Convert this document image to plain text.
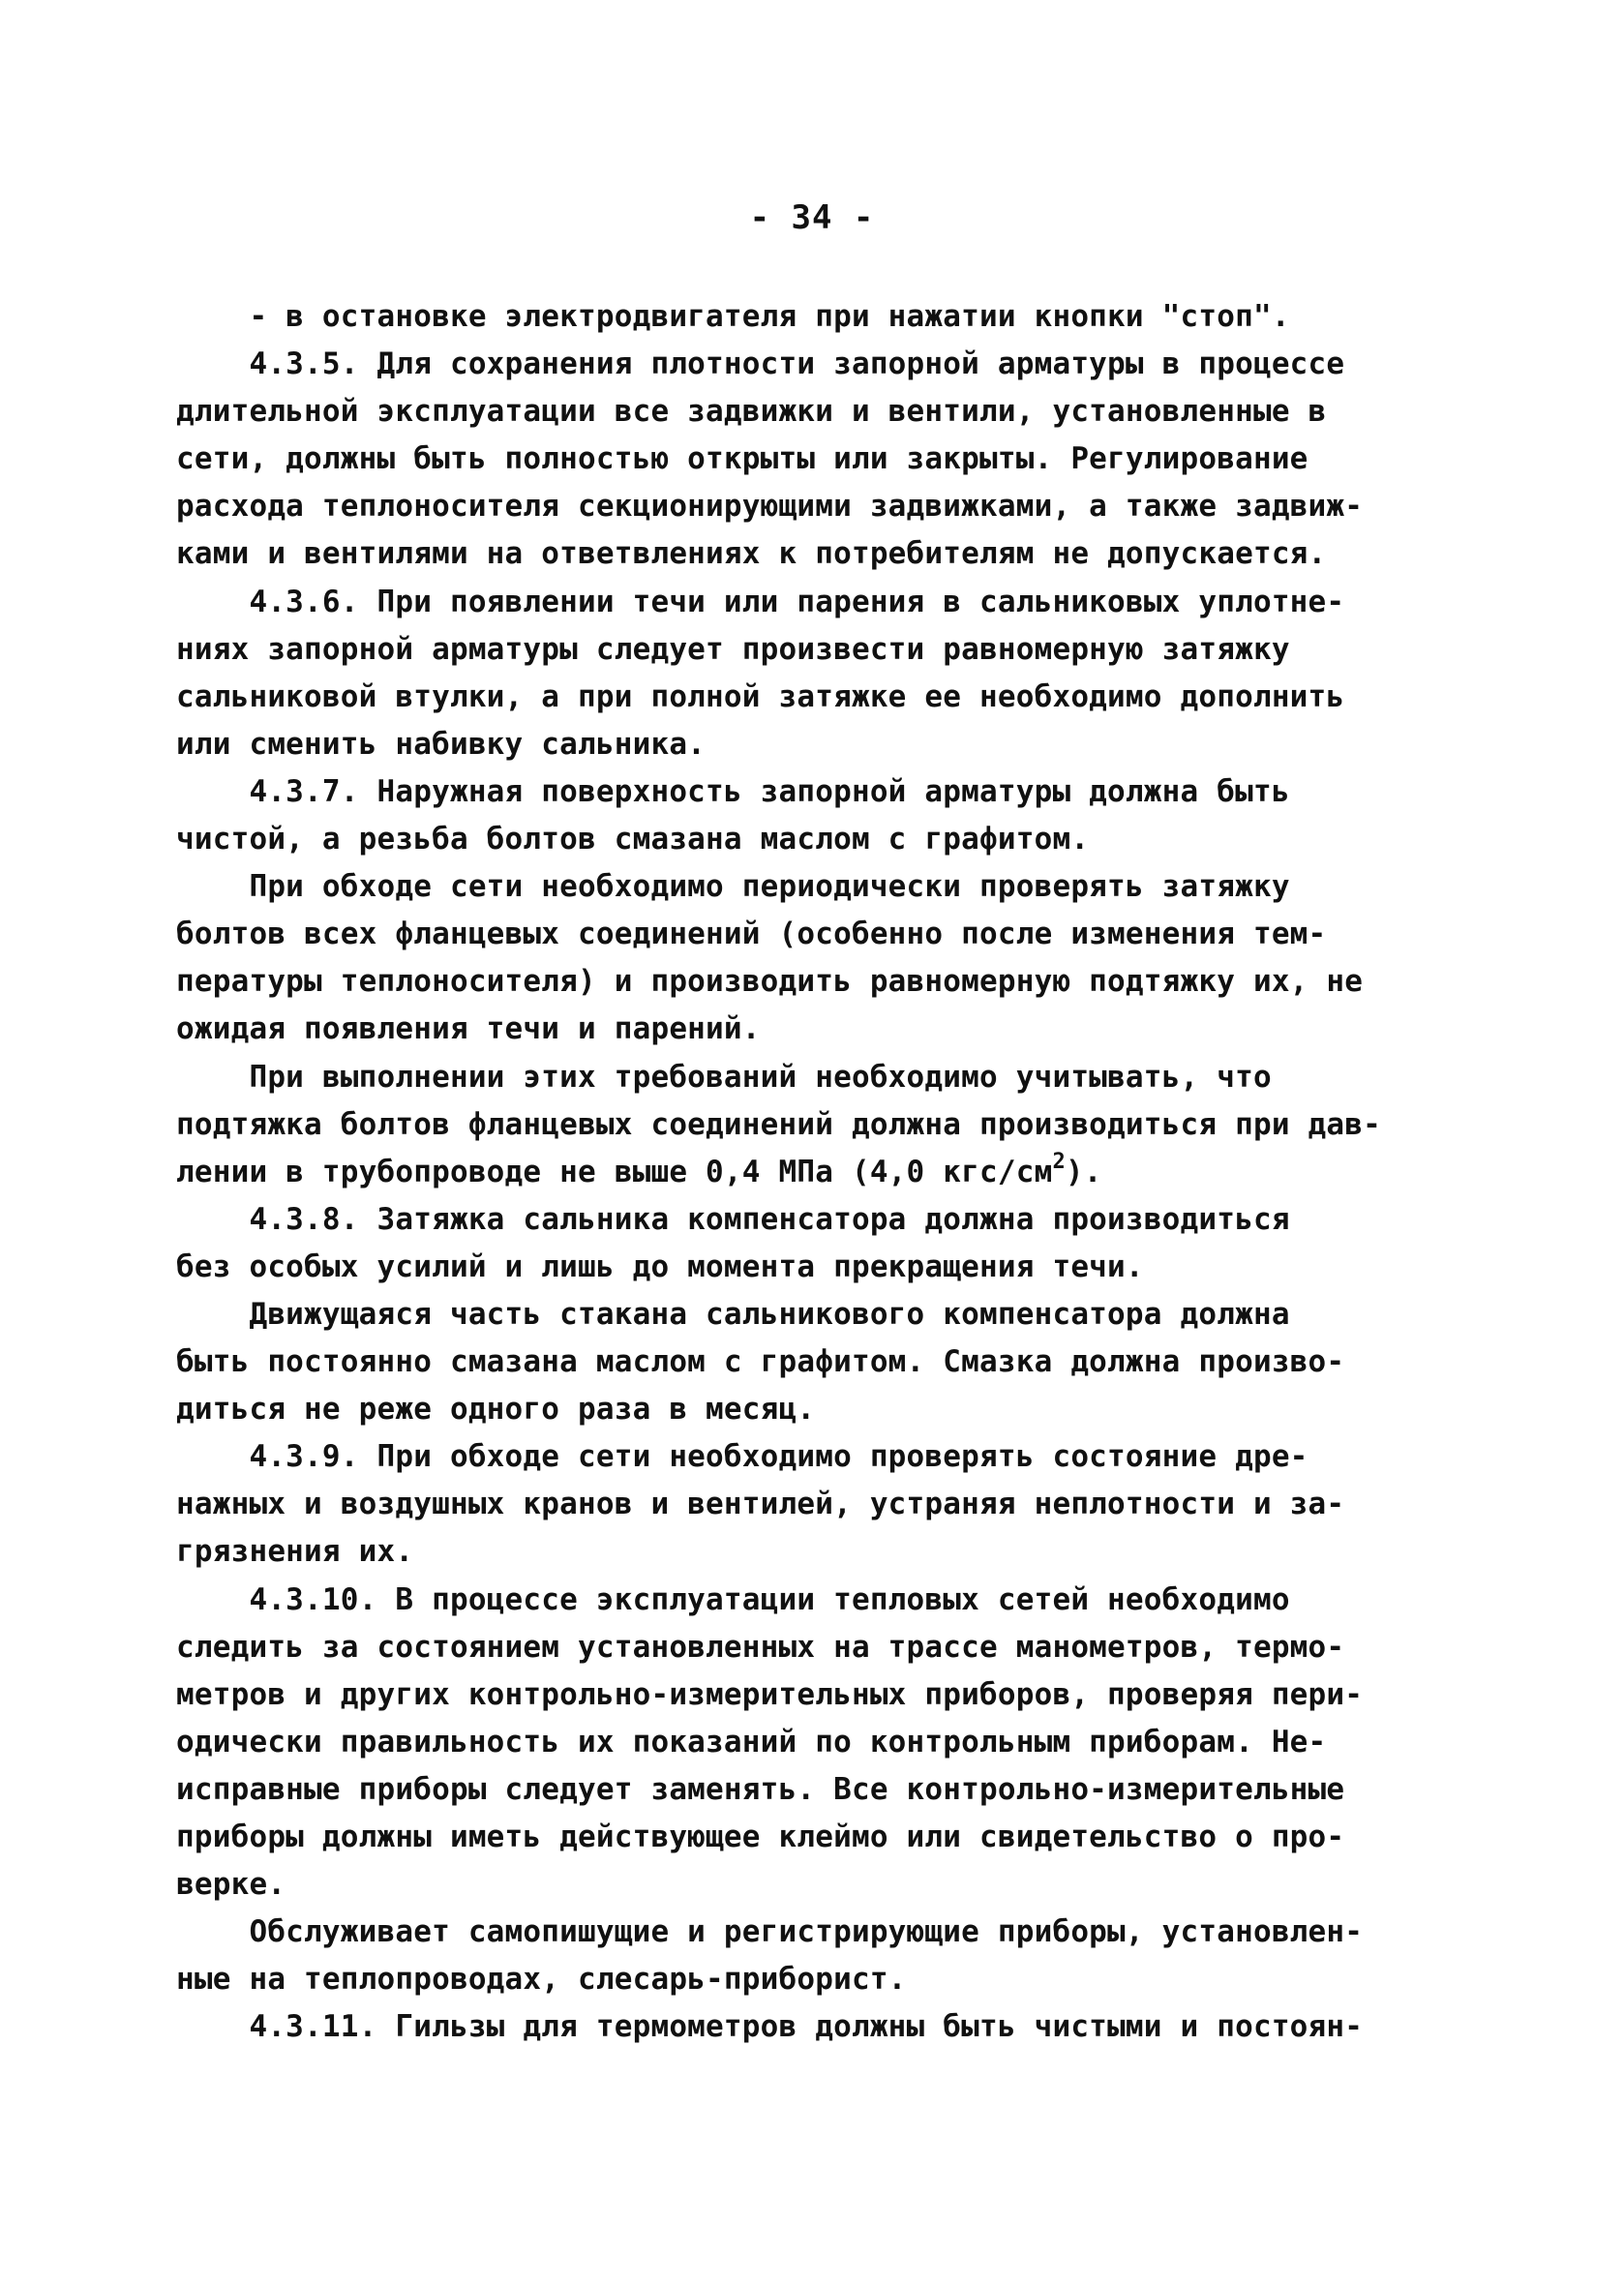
- 34 -
- в остановке электродвигателя при нажатии кнопки "стоп".
4.3.5. Для сохранения плотности запорной арматуры в процессе
длительной эксплуатации все задвижки и вентили, установленные в
сети, должны быть полностью открыты или закрыты. Регулирование
расхода теплоносителя секционирующими задвижками, а также задвиж-
ками и вентилями на ответвлениях к потребителям не допускается.
4.3.6. При появлении течи или парения в сальниковых уплотне-
ниях запорной арматуры следует произвести равномерную затяжку
сальниковой втулки, а при полной затяжке ее необходимо дополнить
или сменить набивку сальника.
4.3.7. Наружная поверхность запорной арматуры должна быть
чистой, а резьба болтов смазана маслом с графитом.
При обходе сети необходимо периодически проверять затяжку
болтов всех фланцевых соединений (особенно после изменения тем-
пературы теплоносителя) и производить равномерную подтяжку их, не
ожидая появления течи и парений.
При выполнении этих требований необходимо учитывать, что
подтяжка болтов фланцевых соединений должна производиться при дав-
лении в трубопроводе не выше 0,4 МПа (4,0 кгс/$см^2$).
4.3.8. Затяжка сальника компенсатора должна производиться
без особых усилий и лишь до момента прекращения течи.
Движущаяся часть стакана сальникового компенсатора должна
быть постоянно смазана маслом с графитом. Смазка должна произво-
диться не реже одного раза в месяц.
4.3.9. При обходе сети необходимо проверять состояние дре-
нажных и воздушных кранов и вентилей, устраняя неплотности и за-
грязнения их.
4.3.10. В процессе эксплуатации тепловых сетей необходимо
следить за состоянием установленных на трассе манометров, термо-
метров и других контрольно-измерительных приборов, проверяя пери-
одически правильность их показаний по контрольным приборам. Не-
исправные приборы следует заменять. Все контрольно-измерительные
приборы должны иметь действующее клеймо или свидетельство о про-
верке.
Обслуживает самопишущие и регистрирующие приборы, установлен-
ные на теплопроводах, слесарь-приборист.
4.3.11. Гильзы для термометров должны быть чистыми и постоян-
